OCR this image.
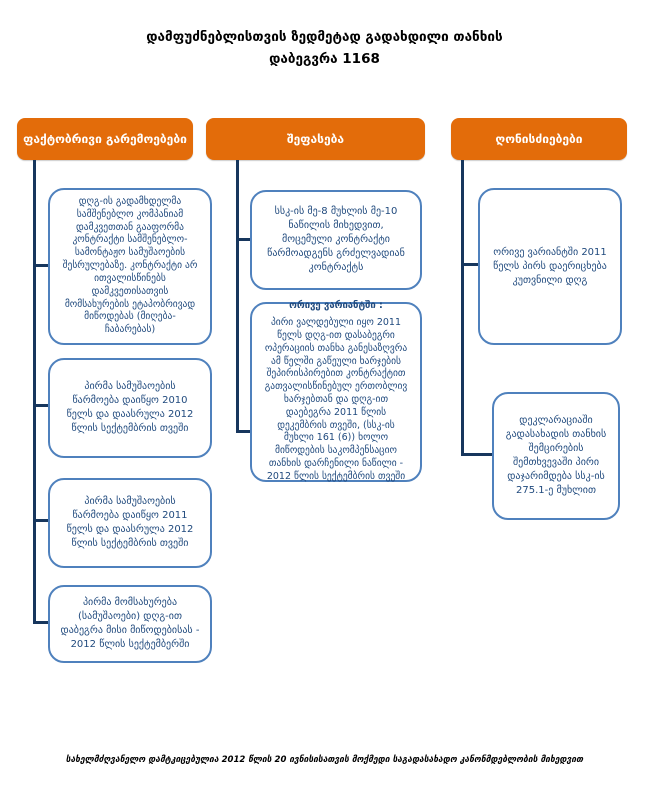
დამფუძნებლისთვის ზედმეტად გადახდილი თანხის
დაბეგვრა 1168
ფაქტობრივი გარემოებები	შეფასება	ღონისძიებები
დღგ-ის გადამხდელმა სამშენებლო კომპანიამ დამკვეთთან გააფორმა კონტრაქტი სამშენებლო-სამონტაჟო სამუშაოების შესრულებაზე. კონტრაქტი არ ითვალისწინებს დამკვეთისათვის მომსახურების ეტაპობრივად მიწოდებას (მიღება-ჩაბარებას)
პირმა სამუშაოების წარმოება დაიწყო 2010 წელს და დაასრულა 2012 წლის სექტემბრის თვეში
პირმა სამუშაოების წარმოება დაიწყო 2011 წელს და დაასრულა 2012 წლის სექტემბრის თვეში
პირმა მომსახურება (სამუშაოები) დღგ-ით დაბეგრა მისი მიწოდებისას - 2012 წლის სექტემბერში
სსკ-ის მე-8 მუხლის მე-10 ნაწილის მიხედვით, მოცემული კონტრაქტი წარმოადგენს გრძელვადიან კონტრაქტს
ორივე ვარიანტში :
პირი ვალდებული იყო 2011 წელს დღგ-ით დასაბეგრი ოპერაციის თანხა განესაზღვრა ამ წელში გაწეული ხარჯების შეპირისპირებით კონტრაქტით გათვალისწინებულ ერთობლივ ხარჯებთან და დღგ-ით დაებეგრა 2011 წლის დეკემბრის თვეში, (სსკ-ის მუხლი 161 (6)) ხოლო მიწოდების საკომპენსაციო თანხის დარჩენილი ნაწილი - 2012 წლის სექტემბრის თვეში
ორივე ვარიანტში 2011 წელს პირს დაერიცხება კუთვნილი დღგ
დეკლარაციაში გადასახადის თანხის შემცირების შემთხვევაში პირი დაჯარიმდება სსკ-ის 275.1-ე მუხლით
სახელმძღვანელო დამტკიცებულია 2012 წლის 20 ივნისისათვის მოქმედი საგადასახადო კანონმდებლობის მიხედვით
